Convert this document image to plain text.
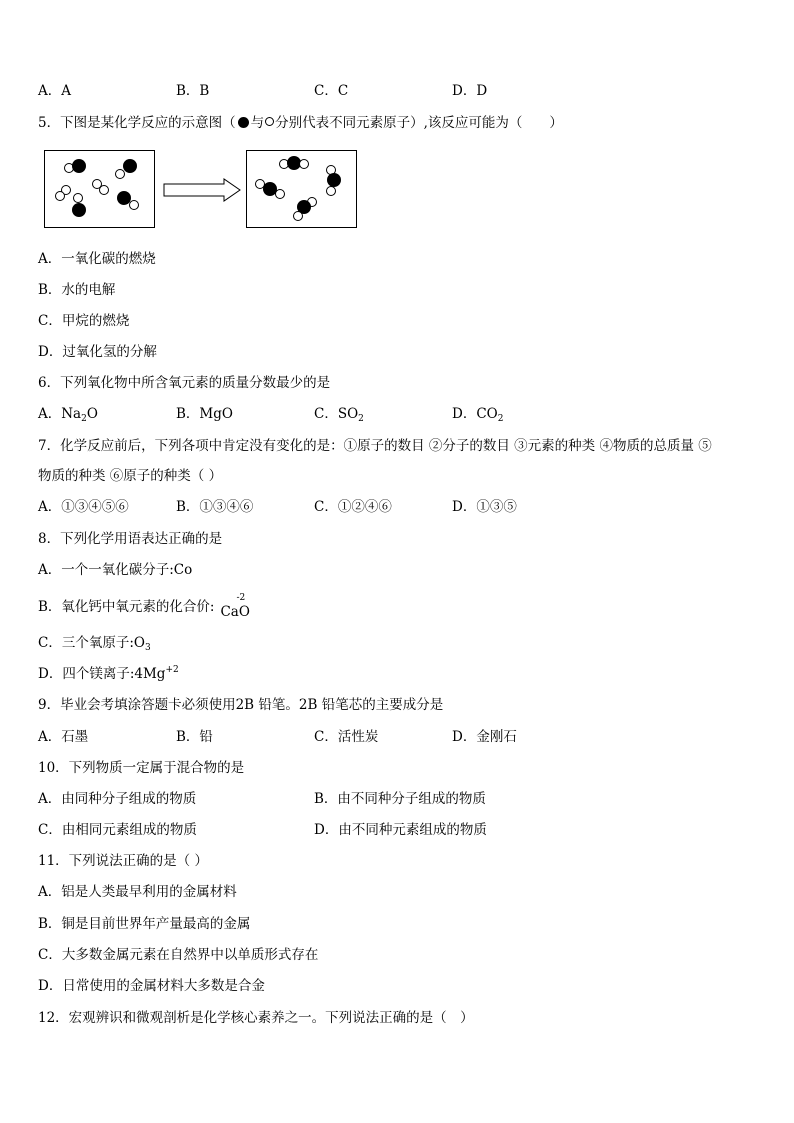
A．A	B．B	C．C	D．D
5．下图是某化学反应的示意图（ 与 分别代表不同元素原子）,该反应可能为（　　）
A．一氧化碳的燃烧
B．水的电解
C．甲烷的燃烧
D．过氧化氢的分解
6．下列氧化物中所含氧元素的质量分数最少的是
A．$Na_2O$	B．MgO	C．$SO_2$	D．$CO_2$
7．化学反应前后，下列各项中肯定没有变化的是：①原子的数目 ②分子的数目 ③元素的种类 ④物质的总质量 ⑤
物质的种类 ⑥原子的种类（ ）
A．①③④⑤⑥	B．①③④⑥	C．①②④⑥	D．①③⑤
8．下列化学用语表达正确的是
A．一个一氧化碳分子:Co
B．氧化钙中氧元素的化合价:
-2
CaO
C．三个氧原子$:O_3$
D．四个镁离子$:4Mg^{+2}$
9．毕业会考填涂答题卡必须使用2B 铅笔。2B 铅笔芯的主要成分是
A．石墨	B．铅	C．活性炭	D．金刚石
10．下列物质一定属于混合物的是
A．由同种分子组成的物质	B．由不同种分子组成的物质
C．由相同元素组成的物质	D．由不同种元素组成的物质
11．下列说法正确的是（ ）
A．铝是人类最早利用的金属材料
B．铜是目前世界年产量最高的金属
C．大多数金属元素在自然界中以单质形式存在
D．日常使用的金属材料大多数是合金
12．宏观辨识和微观剖析是化学核心素养之一。下列说法正确的是（　）
